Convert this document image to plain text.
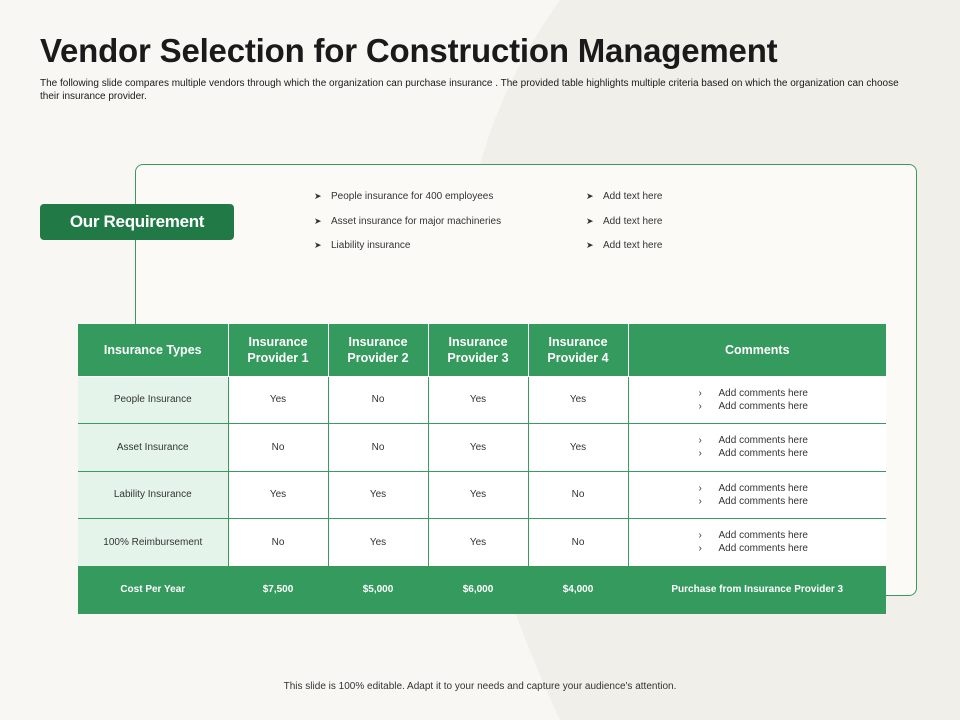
Vendor Selection for Construction Management
The following slide compares multiple vendors through which the organization can purchase insurance . The provided table highlights multiple criteria based on which the organization can choose their insurance provider.
Our Requirement
➤ People insurance for 400 employees
➤ Asset insurance for major machineries
➤ Liability insurance
➤ Add text here
➤ Add text here
➤ Add text here
Insurance Types	Insurance Provider 1	Insurance Provider 2	Insurance Provider 3	Insurance Provider 4	Comments
People Insurance	Yes	No	Yes	Yes	› Add comments here
› Add comments here

Asset Insurance	No	No	Yes	Yes	› Add comments here
› Add comments here

Lability Insurance	Yes	Yes	Yes	No	› Add comments here
› Add comments here

100% Reimbursement	No	Yes	Yes	No	› Add comments here
› Add comments here

Cost Per Year	$7,500	$5,000	$6,000	$4,000	Purchase from Insurance Provider 3
This slide is 100% editable. Adapt it to your needs and capture your audience's attention.
